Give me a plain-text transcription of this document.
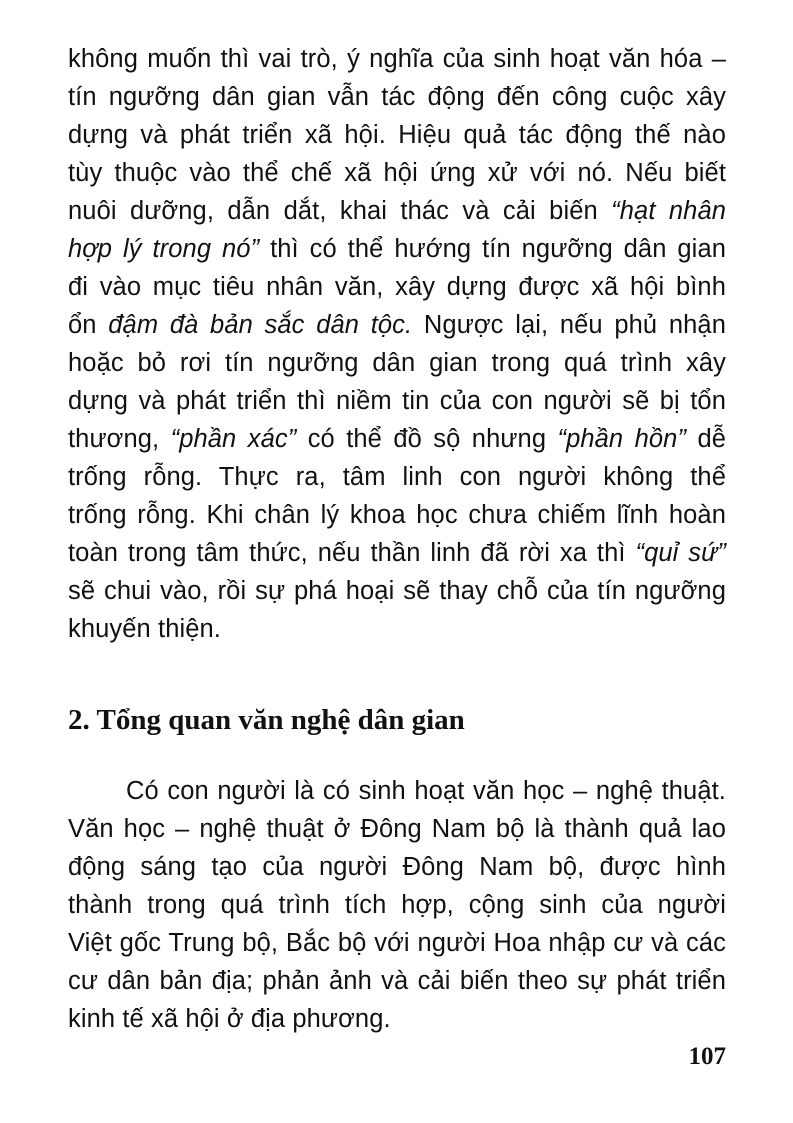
không muốn thì vai trò, ý nghĩa của sinh hoạt văn hóa –
tín ngưỡng dân gian vẫn tác động đến công cuộc xây
dựng và phát triển xã hội. Hiệu quả tác động thế nào
tùy thuộc vào thể chế xã hội ứng xử với nó. Nếu biết
nuôi dưỡng, dẫn dắt, khai thác và cải biến “hạt nhân
hợp lý trong nó” thì có thể hướng tín ngưỡng dân gian
đi vào mục tiêu nhân văn, xây dựng được xã hội bình
ổn đậm đà bản sắc dân tộc. Ngược lại, nếu phủ nhận
hoặc bỏ rơi tín ngưỡng dân gian trong quá trình xây
dựng và phát triển thì niềm tin của con người sẽ bị tổn
thương, “phần xác” có thể đồ sộ nhưng “phần hồn” dễ
trống rỗng. Thực ra, tâm linh con người không thể
trống rỗng. Khi chân lý khoa học chưa chiếm lĩnh hoàn
toàn trong tâm thức, nếu thần linh đã rời xa thì “quỉ sứ”
sẽ chui vào, rồi sự phá hoại sẽ thay chỗ của tín ngưỡng
khuyến thiện.
2. Tổng quan văn nghệ dân gian
Có con người là có sinh hoạt văn học – nghệ thuật.
Văn học – nghệ thuật ở Đông Nam bộ là thành quả lao
động sáng tạo của người Đông Nam bộ, được hình
thành trong quá trình tích hợp, cộng sinh của người
Việt gốc Trung bộ, Bắc bộ với người Hoa nhập cư và các
cư dân bản địa; phản ảnh và cải biến theo sự phát triển
kinh tế xã hội ở địa phương.
107
